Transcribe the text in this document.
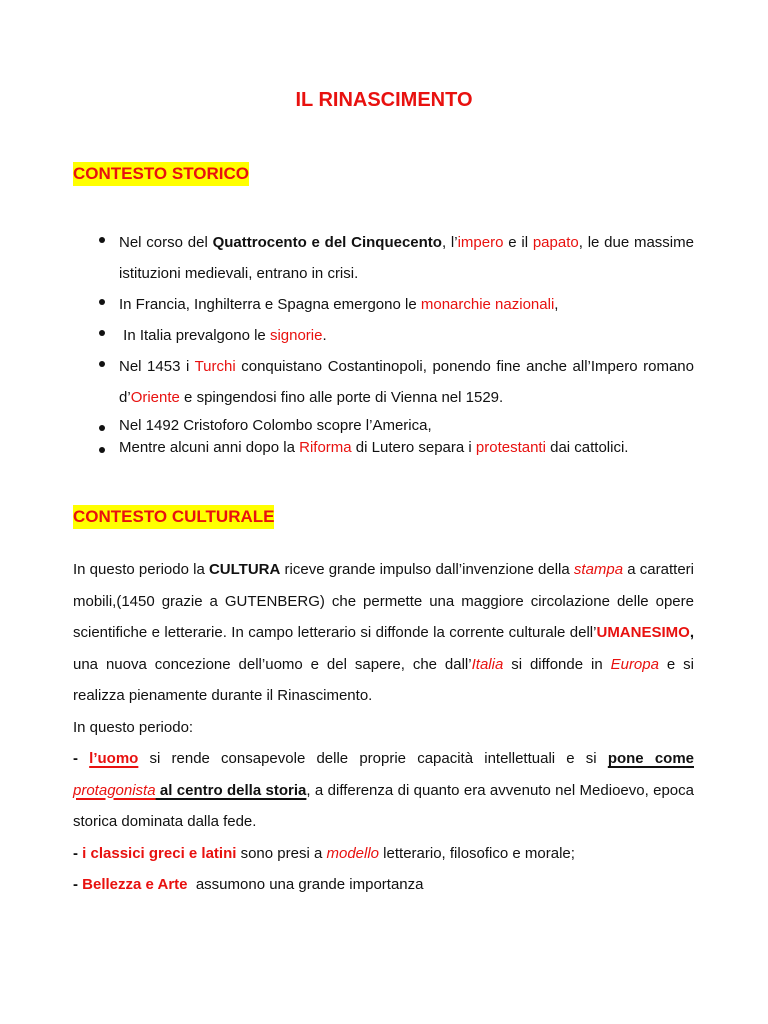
IL RINASCIMENTO
CONTESTO STORICO
Nel corso del Quattrocento e del Cinquecento, l’impero e il papato, le due massime istituzioni medievali, entrano in crisi.
In Francia, Inghilterra e Spagna emergono le monarchie nazionali,
In Italia prevalgono le signorie.
Nel 1453 i Turchi conquistano Costantinopoli, ponendo fine anche all’Impero romano d’Oriente e spingendosi fino alle porte di Vienna nel 1529.
Nel 1492 Cristoforo Colombo scopre l’America,
Mentre alcuni anni dopo la Riforma di Lutero separa i protestanti dai cattolici.
CONTESTO CULTURALE

In questo periodo la CULTURA riceve grande impulso dall’invenzione della stampa a caratteri mobili,(1450 grazie a GUTENBERG) che permette una maggiore circolazione delle opere scientifiche e letterarie. In campo letterario si diffonde la corrente culturale dell’UMANESIMO, una nuova concezione dell’uomo e del sapere, che dall’Italia si diffonde in Europa e si realizza pienamente durante il Rinascimento.

In questo periodo:

- l’uomo si rende consapevole delle proprie capacità intellettuali e si pone come protagonista al centro della storia, a differenza di quanto era avvenuto nel Medioevo, epoca storica dominata dalla fede.

- i classici greci e latini sono presi a modello letterario, filosofico e morale;

- Bellezza e Arte  assumono una grande importanza
